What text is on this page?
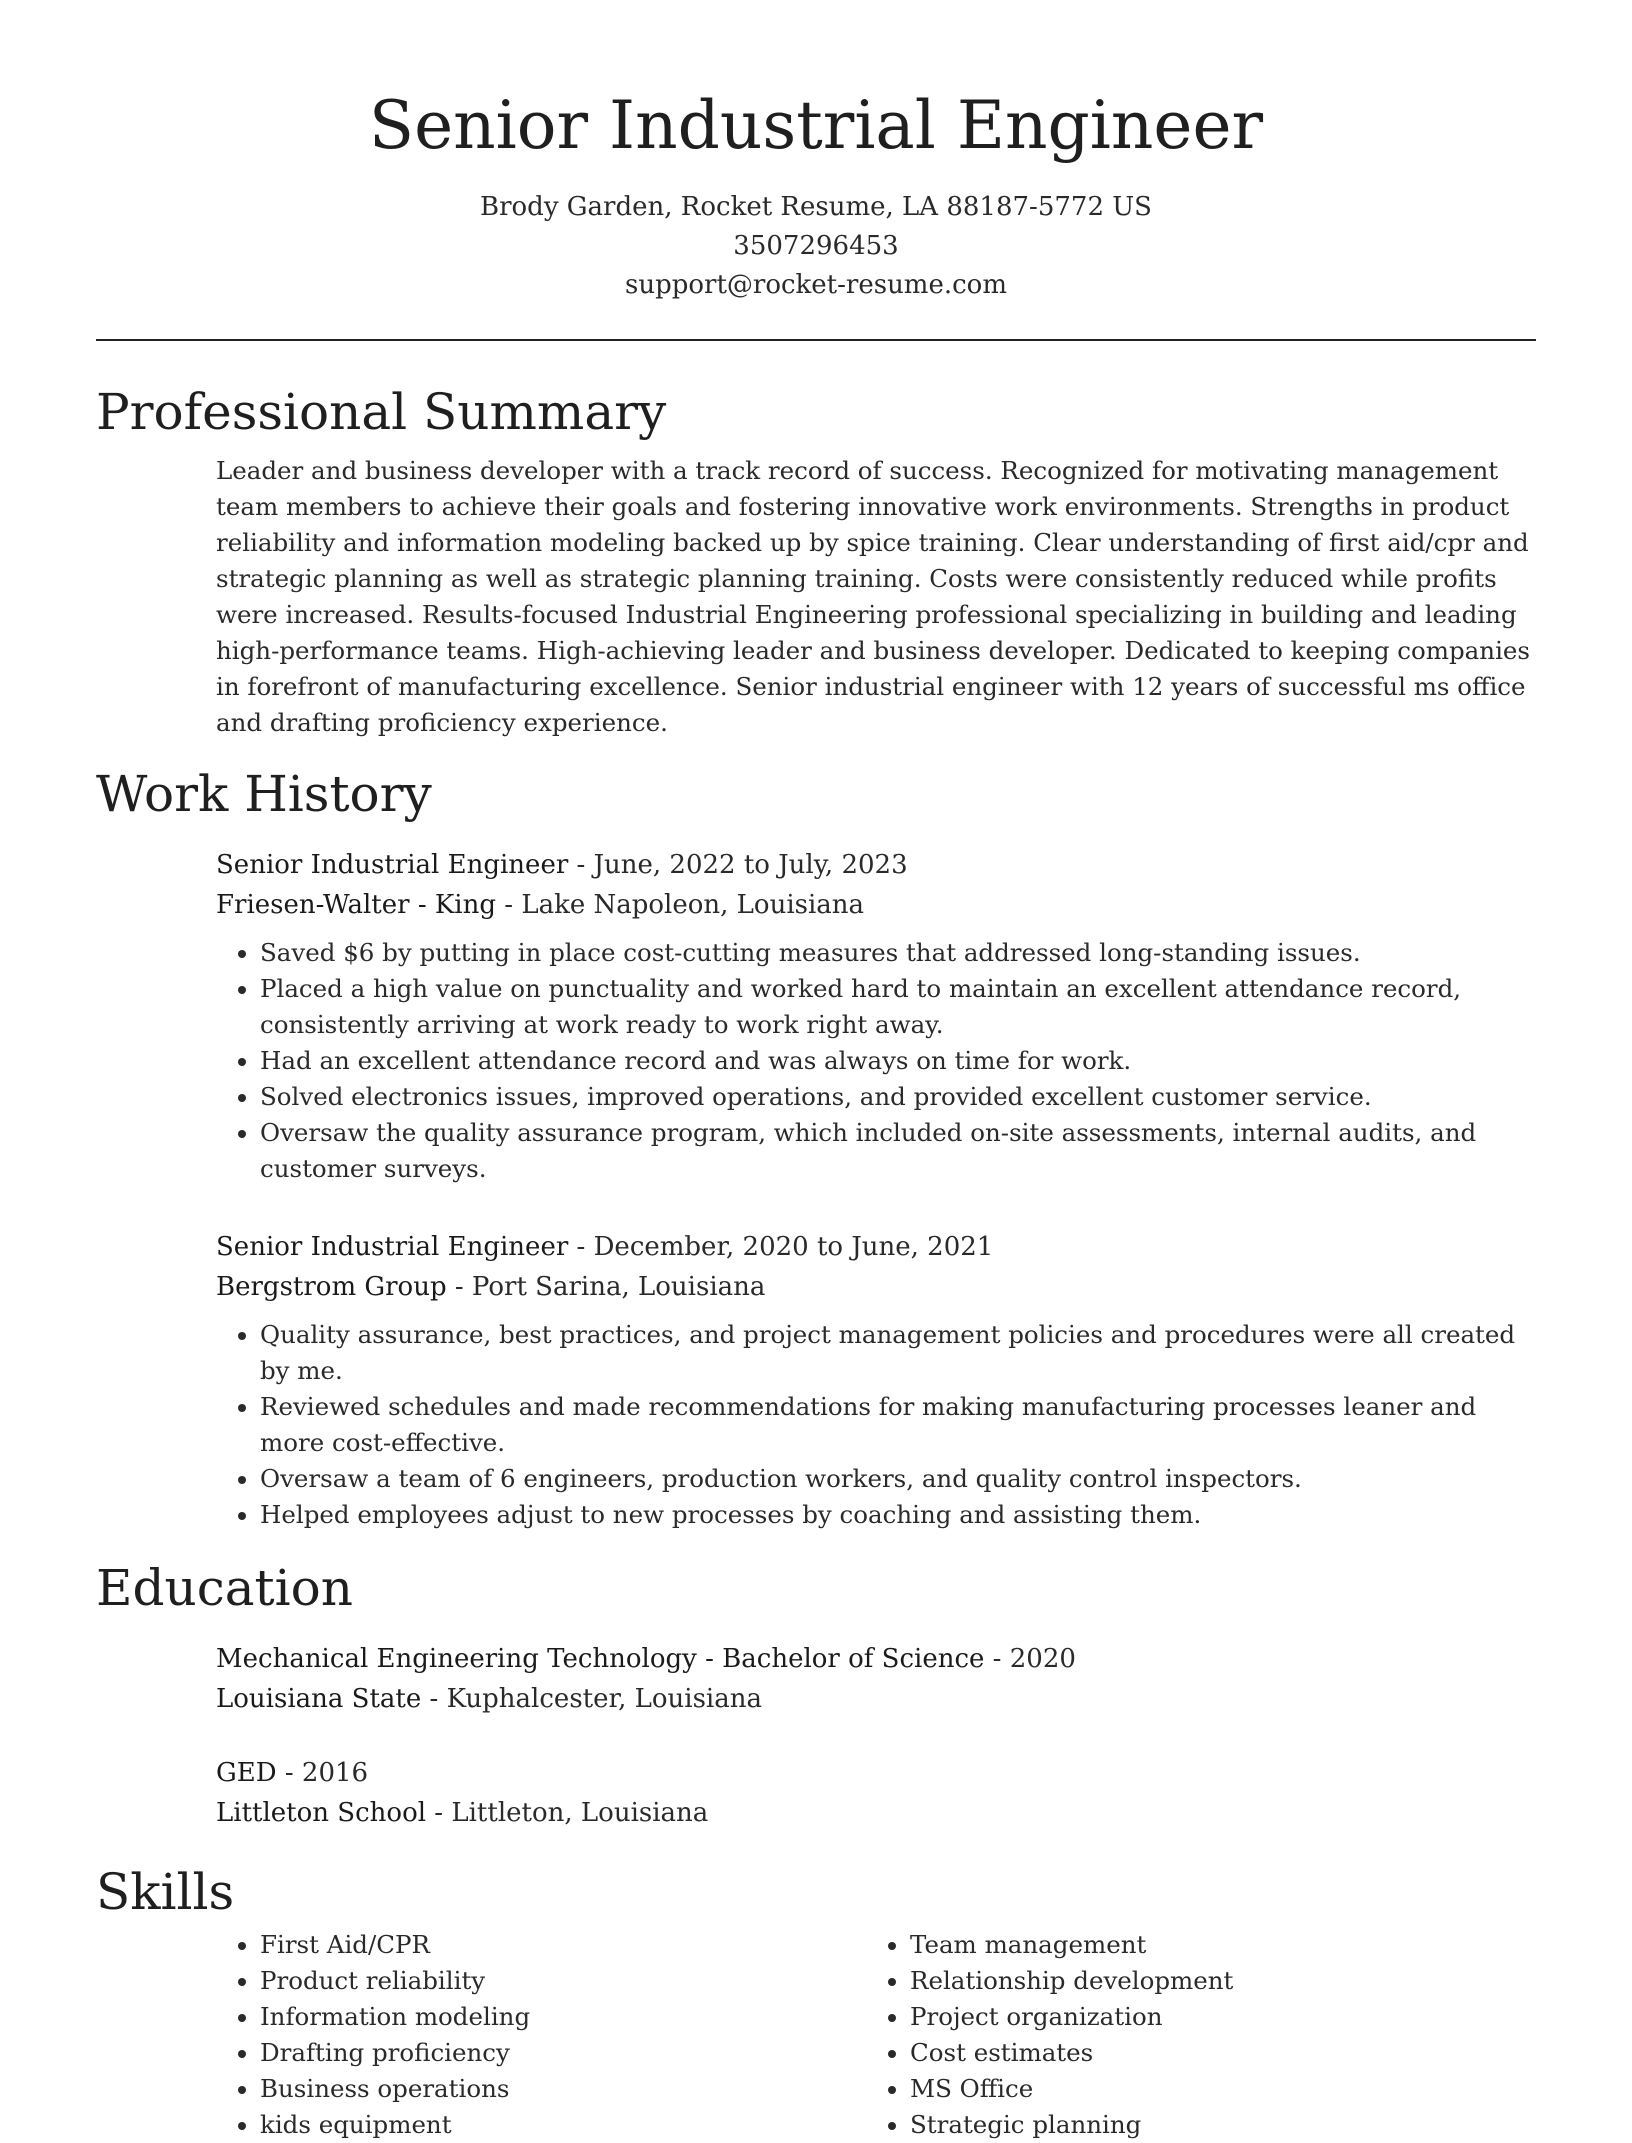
Senior Industrial Engineer
Brody Garden, Rocket Resume, LA 88187-5772 US
3507296453
support@rocket-resume.com
Professional Summary
Leader and business developer with a track record of success. Recognized for motivating management team members to achieve their goals and fostering innovative work environments. Strengths in product reliability and information modeling backed up by spice training. Clear understanding of first aid/cpr and strategic planning as well as strategic planning training. Costs were consistently reduced while profits were increased. Results-focused Industrial Engineering professional specializing in building and leading high-performance teams. High-achieving leader and business developer. Dedicated to keeping companies in forefront of manufacturing excellence. Senior industrial engineer with 12 years of successful ms office and drafting proficiency experience.
Work History
Senior Industrial Engineer - June, 2022 to July, 2023
Friesen-Walter - King - Lake Napoleon, Louisiana
• Saved $6 by putting in place cost-cutting measures that addressed long-standing issues.
• Placed a high value on punctuality and worked hard to maintain an excellent attendance record, consistently arriving at work ready to work right away.
• Had an excellent attendance record and was always on time for work.
• Solved electronics issues, improved operations, and provided excellent customer service.
• Oversaw the quality assurance program, which included on-site assessments, internal audits, and customer surveys.
Senior Industrial Engineer - December, 2020 to June, 2021
Bergstrom Group - Port Sarina, Louisiana
• Quality assurance, best practices, and project management policies and procedures were all created by me.
• Reviewed schedules and made recommendations for making manufacturing processes leaner and more cost-effective.
• Oversaw a team of 6 engineers, production workers, and quality control inspectors.
• Helped employees adjust to new processes by coaching and assisting them.
Education
Mechanical Engineering Technology - Bachelor of Science - 2020
Louisiana State - Kuphalcester, Louisiana
GED - 2016
Littleton School - Littleton, Louisiana
Skills
• First Aid/CPR
• Product reliability
• Information modeling
• Drafting proficiency
• Business operations
• kids equipment
• Team management
• Relationship development
• Project organization
• Cost estimates
• MS Office
• Strategic planning
